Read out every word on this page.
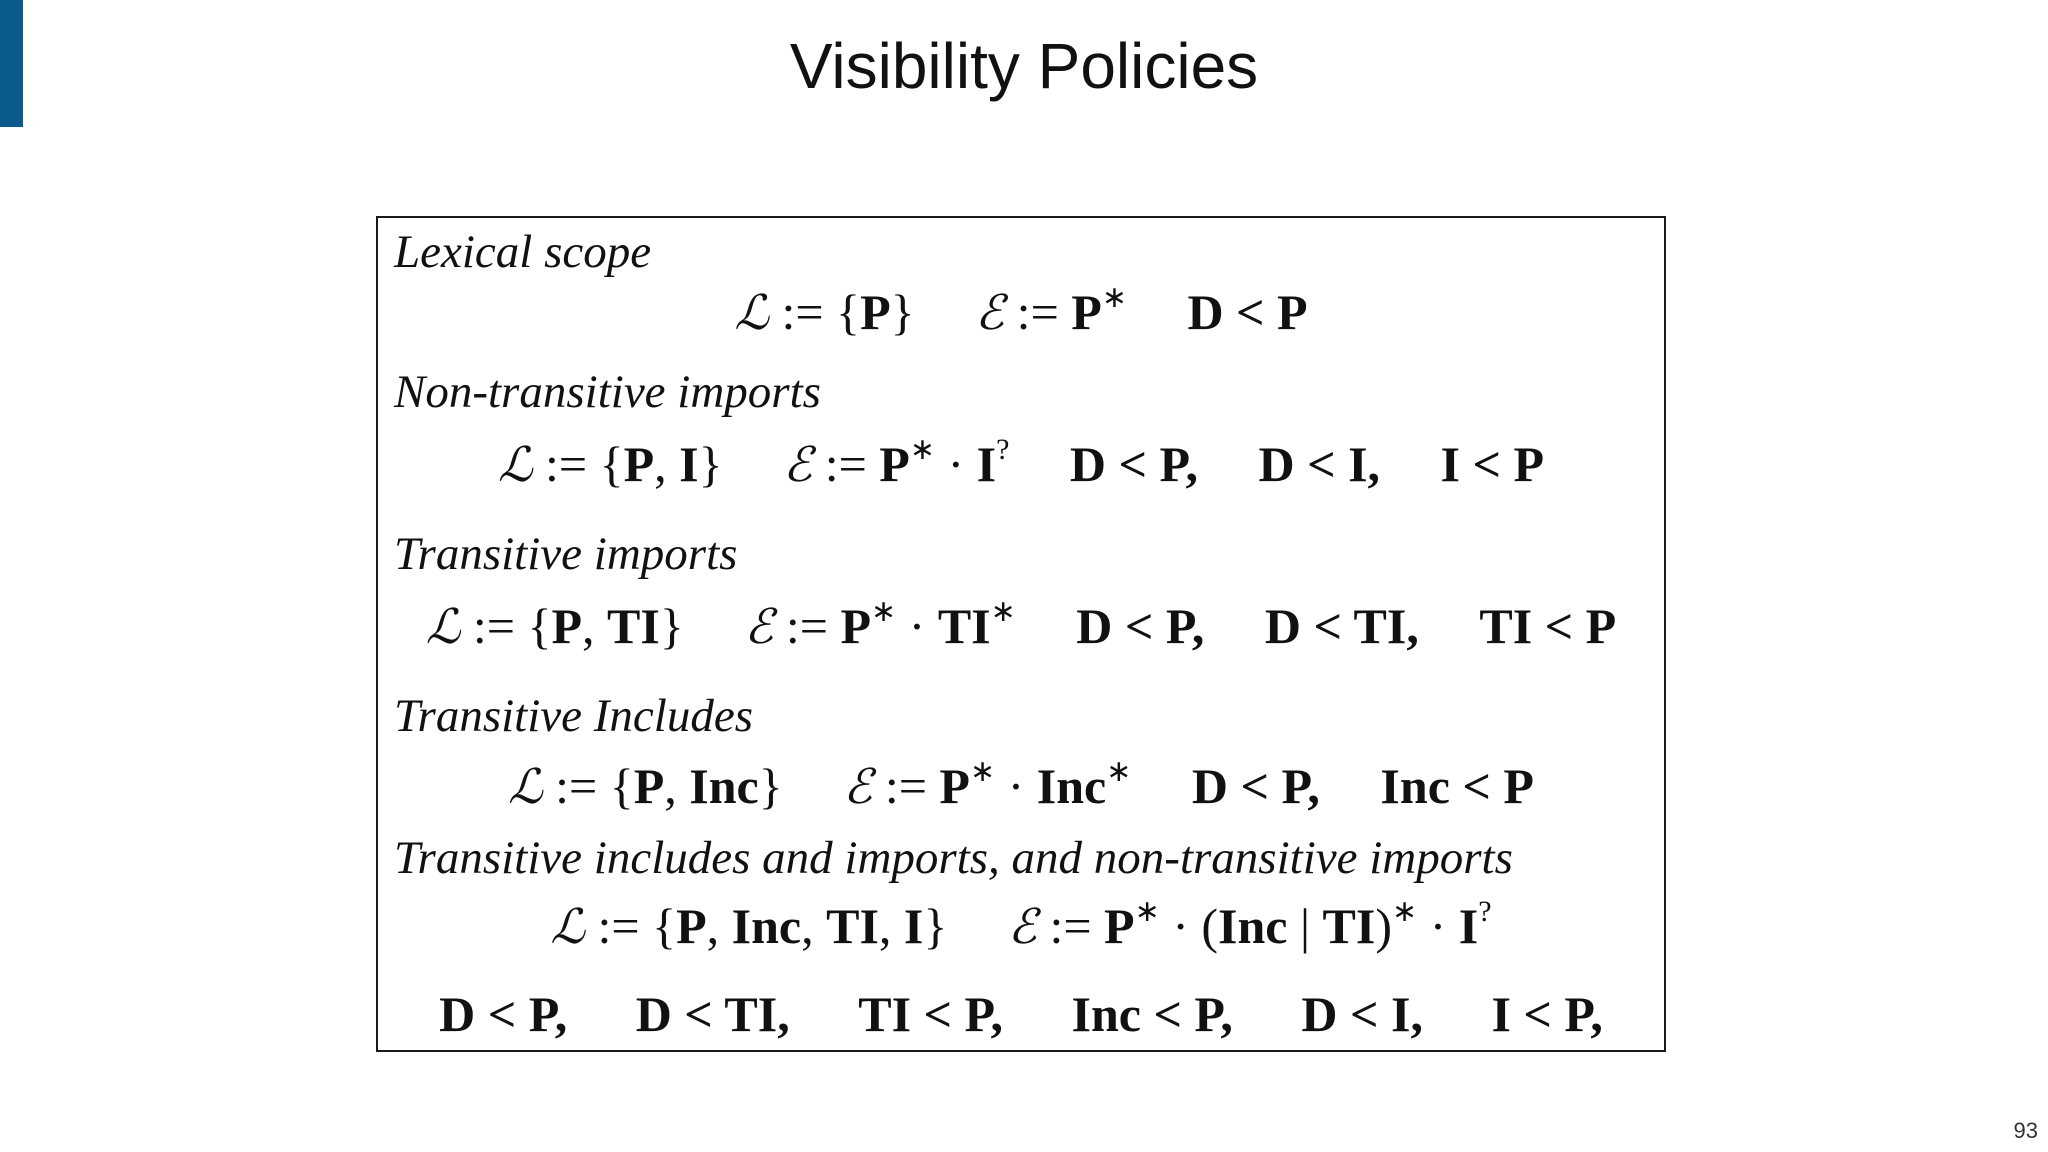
Visibility Policies
Lexical scope
ℒ := {P} ℰ := P∗ D < P
Non-transitive imports
ℒ := {P, I} ℰ := P∗ · I? D < P, D < I, I < P
Transitive imports
ℒ := {P, TI} ℰ := P∗ · TI∗ D < P, D < TI, TI < P
Transitive Includes
ℒ := {P, Inc} ℰ := P∗ · Inc∗ D < P, Inc < P
Transitive includes and imports, and non-transitive imports
ℒ := {P, Inc, TI, I} ℰ := P∗ · (Inc | TI)∗ · I?
D < P, D < TI, TI < P, Inc < P, D < I, I < P,
93
